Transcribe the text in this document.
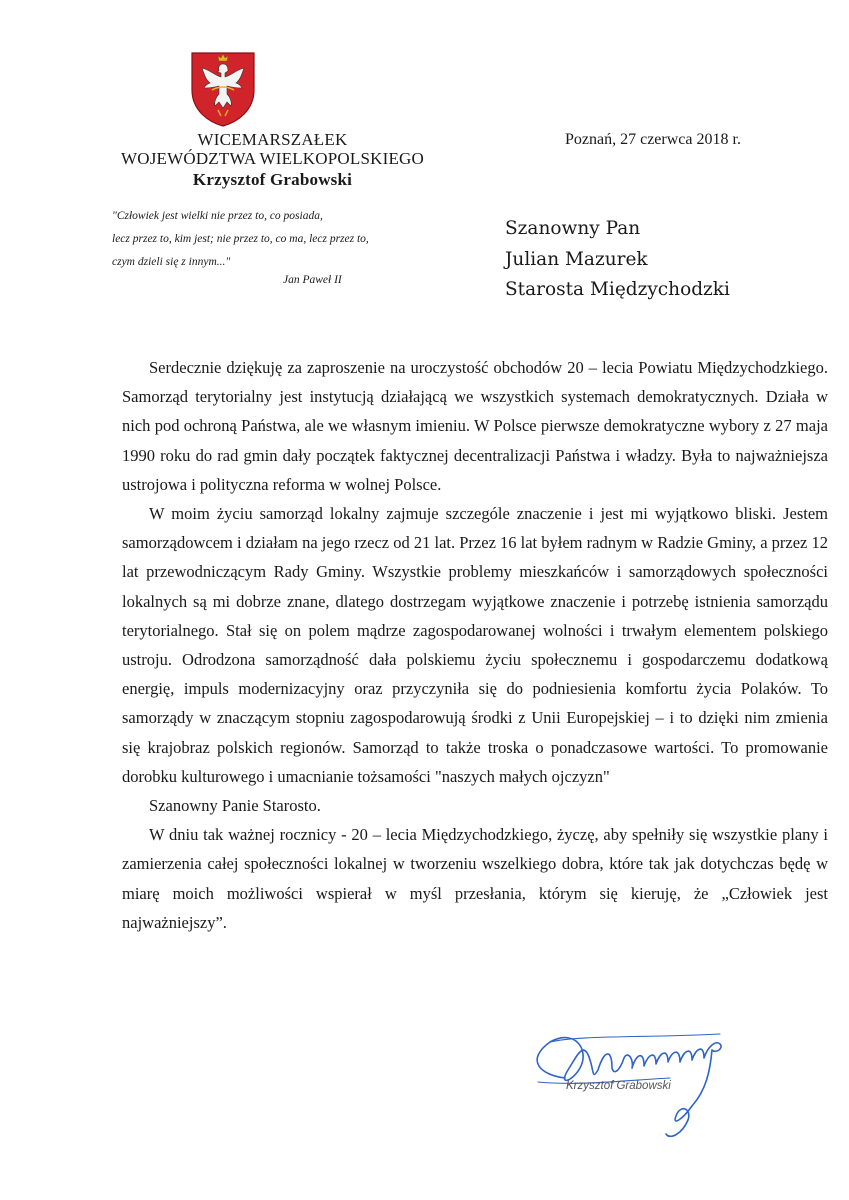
WICEMARSZAŁEK
WOJEWÓDZTWA WIELKOPOLSKIEGO
Krzysztof Grabowski
"Człowiek jest wielki nie przez to, co posiada,
lecz przez to, kim jest; nie przez to, co ma, lecz przez to,
czym dzieli się z innym..."
Jan Paweł II
Poznań, 27 czerwca 2018 r.
Szanowny Pan
Julian Mazurek
Starosta Międzychodzki

Serdecznie dziękuję za zaproszenie na uroczystość obchodów 20 – lecia Powiatu Międzychodzkiego. Samorząd terytorialny jest instytucją działającą we wszystkich systemach demokratycznych. Działa w nich pod ochroną Państwa, ale we własnym imieniu. W Polsce pierwsze demokratyczne wybory z 27 maja 1990 roku do rad gmin dały początek faktycznej decentralizacji Państwa i władzy. Była to najważniejsza ustrojowa i polityczna reforma w wolnej Polsce.

W moim życiu samorząd lokalny zajmuje szczególe znaczenie i jest mi wyjątkowo bliski. Jestem samorządowcem i działam na jego rzecz od 21 lat. Przez 16 lat byłem radnym w Radzie Gminy, a przez 12 lat przewodniczącym Rady Gminy. Wszystkie problemy mieszkańców i samorządowych społeczności lokalnych są mi dobrze znane, dlatego dostrzegam wyjątkowe znaczenie i potrzebę istnienia samorządu terytorialnego. Stał się on polem mądrze zagospodarowanej wolności i trwałym elementem polskiego ustroju. Odrodzona samorządność dała polskiemu życiu społecznemu i gospodarczemu dodatkową energię, impuls modernizacyjny oraz przyczyniła się do podniesienia komfortu życia Polaków. To samorządy w znaczącym stopniu zagospodarowują środki z Unii Europejskiej – i to dzięki nim zmienia się krajobraz polskich regionów. Samorząd to także troska o ponadczasowe wartości. To promowanie dorobku kulturowego i umacnianie tożsamości "naszych małych ojczyzn"

Szanowny Panie Starosto.

W dniu tak ważnej rocznicy - 20 – lecia Międzychodzkiego, życzę, aby spełniły się wszystkie plany i zamierzenia całej społeczności lokalnej w tworzeniu wszelkiego dobra, które tak jak dotychczas będę w miarę moich możliwości wspierał w myśl przesłania, którym się kieruję, że „Człowiek jest najważniejszy”.

Krzysztof Grabowski
